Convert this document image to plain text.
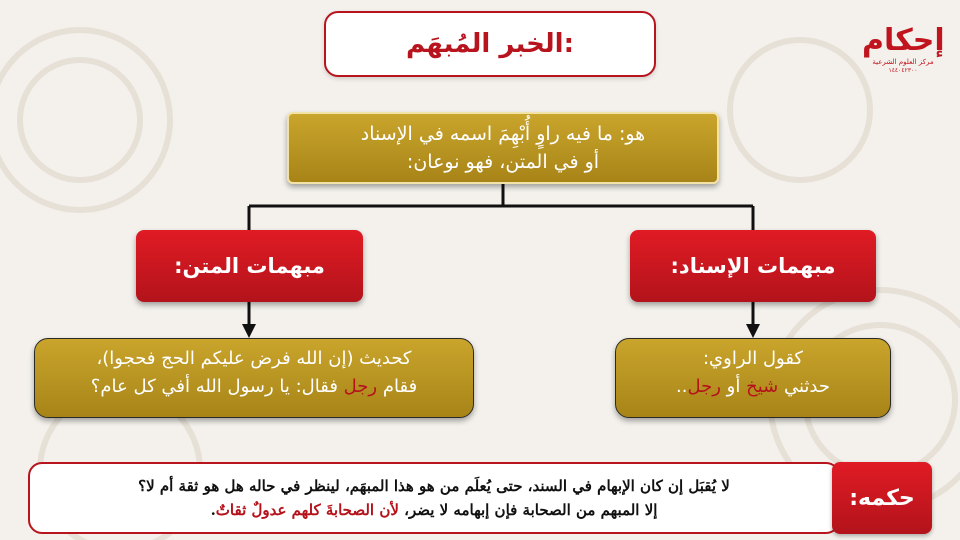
الخبر المُبهَم:	إحكام
مركز العلوم الشرعية
١٤٤٠٤٢٣٠٠
هو: ما فيه راوٍ أُبْهِمَ اسمه في الإسناد
أو في المتن، فهو نوعان:
مبهمات الإسناد:
مبهمات المتن:
كقول الراوي:
حدثني شيخ أو رجل..
كحديث (إن الله فرض عليكم الحج فحجوا)،
فقام رجل فقال: يا رسول الله أفي كل عام؟
لا يُقبَل إن كان الإبهام في السند، حتى يُعلَم من هو هذا المبهَم، لينظر في حاله هل هو ثقة أم لا؟
إلا المبهم من الصحابة فإن إبهامه لا يضر، لأن الصحابةَ كلهم عدولٌ ثقاتٌ.	حكمه:
